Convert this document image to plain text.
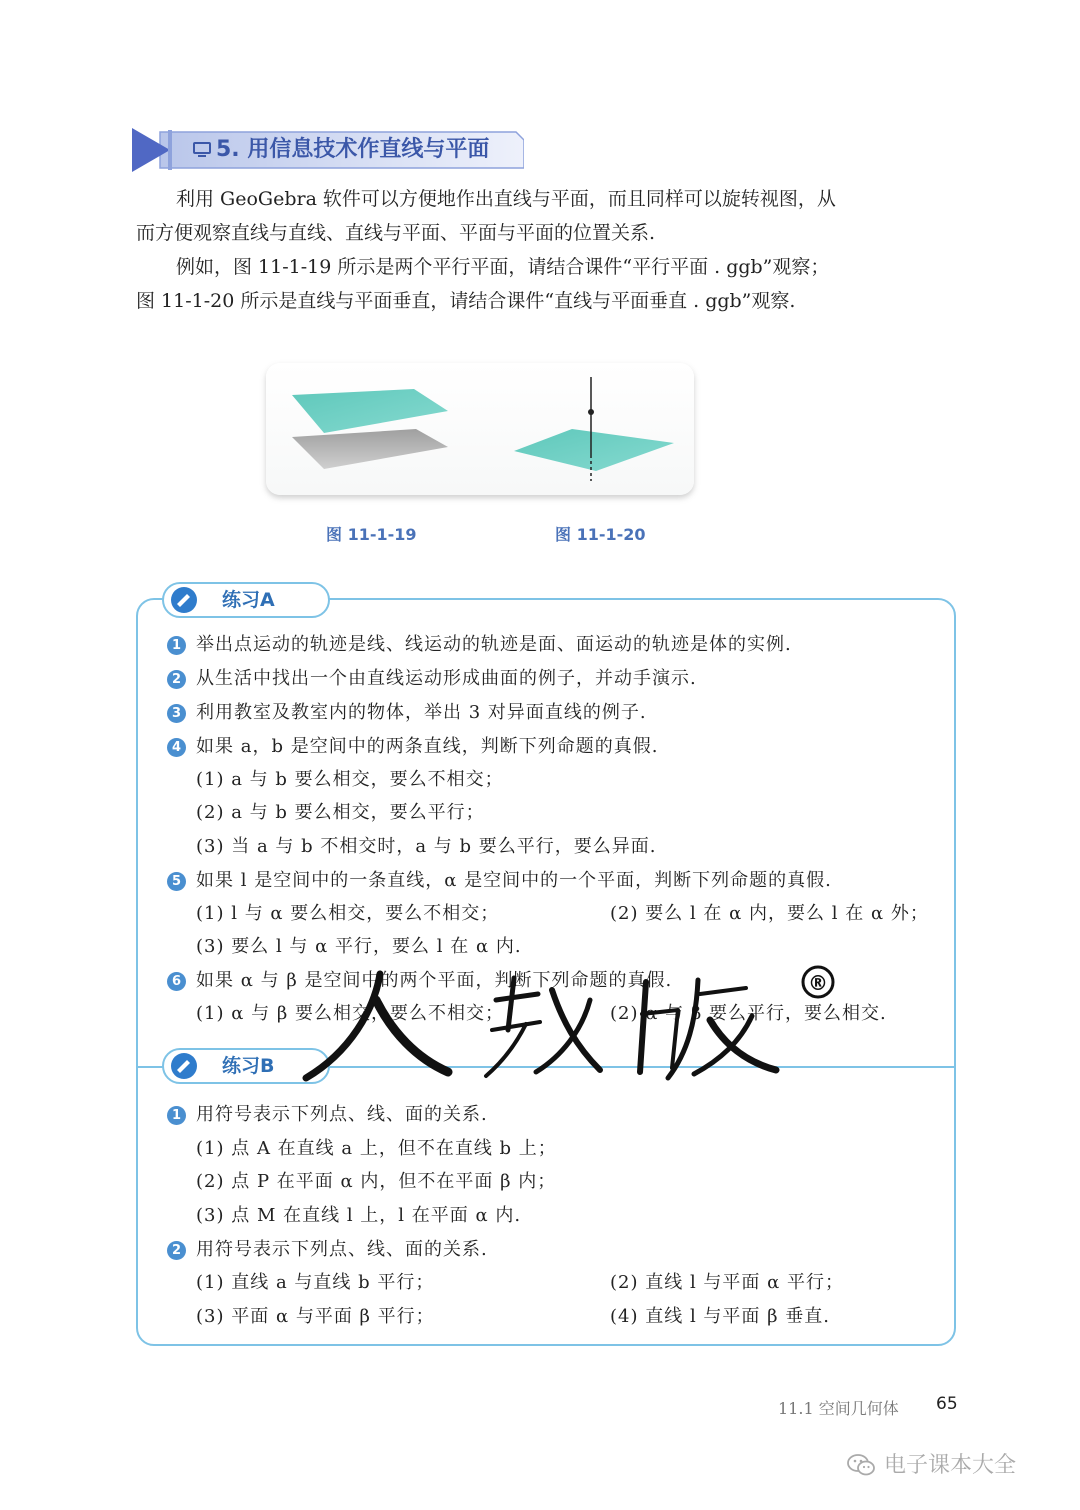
5. 用信息技术作直线与平面
利用 GeoGebra 软件可以方便地作出直线与平面，而且同样可以旋转视图，从而方便观察直线与直线、直线与平面、平面与平面的位置关系.
例如，图 11-1-19 所示是两个平行平面，请结合课件“平行平面 . ggb”观察；图 11-1-20 所示是直线与平面垂直，请结合课件“直线与平面垂直 . ggb”观察.
图 11-1-19	图 11-1-20
练习A
练习B
1 举出点运动的轨迹是线、线运动的轨迹是面、面运动的轨迹是体的实例.
2 从生活中找出一个由直线运动形成曲面的例子，并动手演示.
3 利用教室及教室内的物体，举出 3 对异面直线的例子.
4 如果 a，b 是空间中的两条直线，判断下列命题的真假.
(1) a 与 b 要么相交，要么不相交；
(2) a 与 b 要么相交，要么平行；
(3) 当 a 与 b 不相交时，a 与 b 要么平行，要么异面.
5 如果 l 是空间中的一条直线，α 是空间中的一个平面，判断下列命题的真假.
(1) l 与 α 要么相交，要么不相交；	(2) 要么 l 在 α 内，要么 l 在 α 外；
(3) 要么 l 与 α 平行，要么 l 在 α 内.
6 如果 α 与 β 是空间中的两个平面，判断下列命题的真假.
(1) α 与 β 要么相交，要么不相交；	(2) α 与 β 要么平行，要么相交.
1 用符号表示下列点、线、面的关系.
(1) 点 A 在直线 a 上，但不在直线 b 上；
(2) 点 P 在平面 α 内，但不在平面 β 内；
(3) 点 M 在直线 l 上，l 在平面 α 内.
2 用符号表示下列点、线、面的关系.
(1) 直线 a 与直线 b 平行；	(2) 直线 l 与平面 α 平行；
(3) 平面 α 与平面 β 平行；	(4) 直线 l 与平面 β 垂直.
®
11.1 空间几何体 65
电子课本大全
